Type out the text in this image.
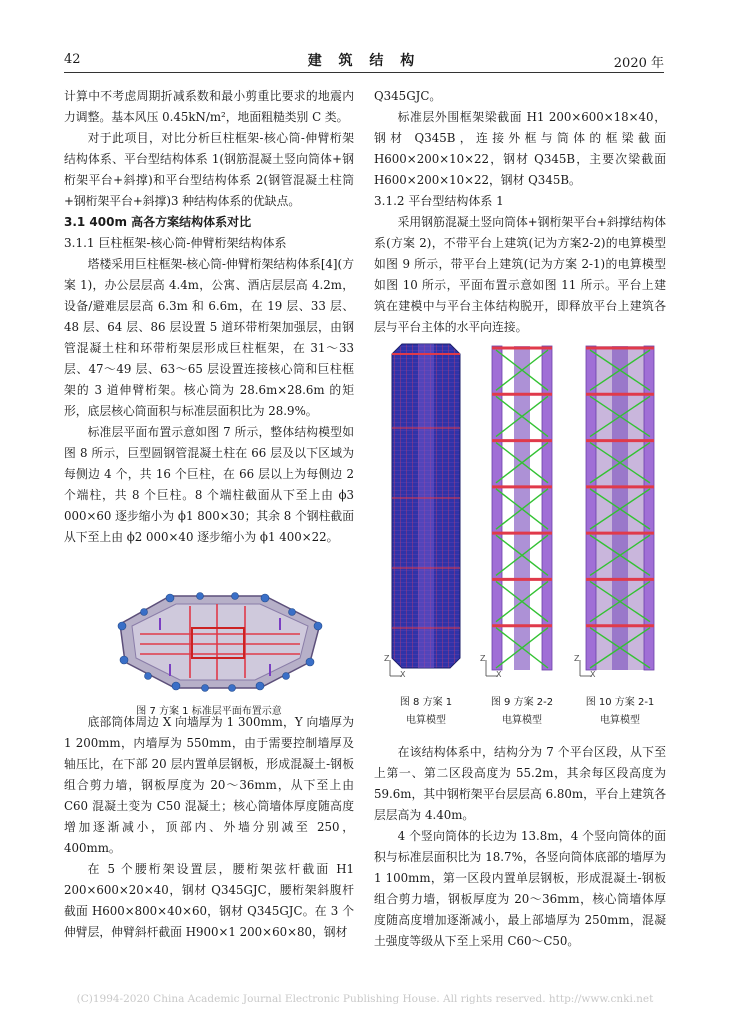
42	建 筑 结 构	2020 年

计算中不考虑周期折减系数和最小剪重比要求的地震内力调整。基本风压 0.45kN/m²，地面粗糙类别 C 类。

对于此项目，对比分析巨柱框架-核心筒-伸臂桁架结构体系、平台型结构体系 1(钢筋混凝土竖向筒体+钢桁架平台+斜撑)和平台型结构体系 2(钢管混凝土柱筒+钢桁架平台+斜撑)3 种结构体系的优缺点。

3.1 400m 高各方案结构体系对比

3.1.1 巨柱框架-核心筒-伸臂桁架结构体系

塔楼采用巨柱框架-核心筒-伸臂桁架结构体系[4](方案 1)，办公层层高 4.4m，公寓、酒店层层高 4.2m，设备/避难层层高 6.3m 和 6.6m，在 19 层、33 层、48 层、64 层、86 层设置 5 道环带桁架加强层，由钢管混凝土柱和环带桁架层形成巨柱框架，在 31～33 层、47～49 层、63～65 层设置连接核心筒和巨柱框架的 3 道伸臂桁架。核心筒为 28.6m×28.6m 的矩形，底层核心筒面积与标准层面积比为 28.9%。

标准层平面布置示意如图 7 所示，整体结构模型如图 8 所示，巨型圆钢管混凝土柱在 66 层及以下区域为每侧边 4 个，共 16 个巨柱，在 66 层以上为每侧边 2 个端柱，共 8 个巨柱。8 个端柱截面从下至上由 ϕ3 000×60 逐步缩小为 ϕ1 800×30；其余 8 个钢柱截面从下至上由 ϕ2 000×40 逐步缩小为 ϕ1 400×22。

图 7 方案 1 标准层平面布置示意

底部筒体周边 X 向墙厚为 1 300mm，Y 向墙厚为 1 200mm，内墙厚为 550mm，由于需要控制墙厚及轴压比，在下部 20 层内置单层钢板，形成混凝土-钢板组合剪力墙，钢板厚度为 20～36mm，从下至上由 C60 混凝土变为 C50 混凝土；核心筒墙体厚度随高度增加逐渐减小，顶部内、外墙分别减至 250，400mm。

在 5 个腰桁架设置层，腰桁架弦杆截面 H1 200×600×20×40，钢材 Q345GJC，腰桁架斜腹杆截面 H600×800×40×60，钢材 Q345GJC。在 3 个伸臂层，伸臂斜杆截面 H900×1 200×60×80，钢材

Q345GJC。

标准层外围框架梁截面 H1 200×600×18×40，钢材 Q345B，连接外框与筒体的框梁截面 H600×200×10×22，钢材 Q345B，主要次梁截面 H600×200×10×22，钢材 Q345B。

3.1.2 平台型结构体系 1

采用钢筋混凝土竖向筒体+钢桁架平台+斜撑结构体系(方案 2)，不带平台上建筑(记为方案2-2)的电算模型如图 9 所示，带平台上建筑(记为方案 2-1)的电算模型如图 10 所示，平面布置示意如图 11 所示。平台上建筑在建模中与平台主体结构脱开，即释放平台上建筑各层与平台主体的水平向连接。

Z
X
Z
X
Z
X
图 8 方案 1
电算模型
图 9 方案 2-2
电算模型
图 10 方案 2-1
电算模型

在该结构体系中，结构分为 7 个平台区段，从下至上第一、第二区段高度为 55.2m，其余每区段高度为 59.6m，其中钢桁架平台层层高 6.80m，平台上建筑各层层高为 4.40m。

4 个竖向筒体的长边为 13.8m，4 个竖向筒体的面积与标准层面积比为 18.7%，各竖向筒体底部的墙厚为 1 100mm，第一区段内置单层钢板，形成混凝土-钢板组合剪力墙，钢板厚度为 20～36mm，核心筒墙体厚度随高度增加逐渐减小，最上部墙厚为 250mm，混凝土强度等级从下至上采用 C60～C50。

(C)1994-2020 China Academic Journal Electronic Publishing House. All rights reserved. http://www.cnki.net
